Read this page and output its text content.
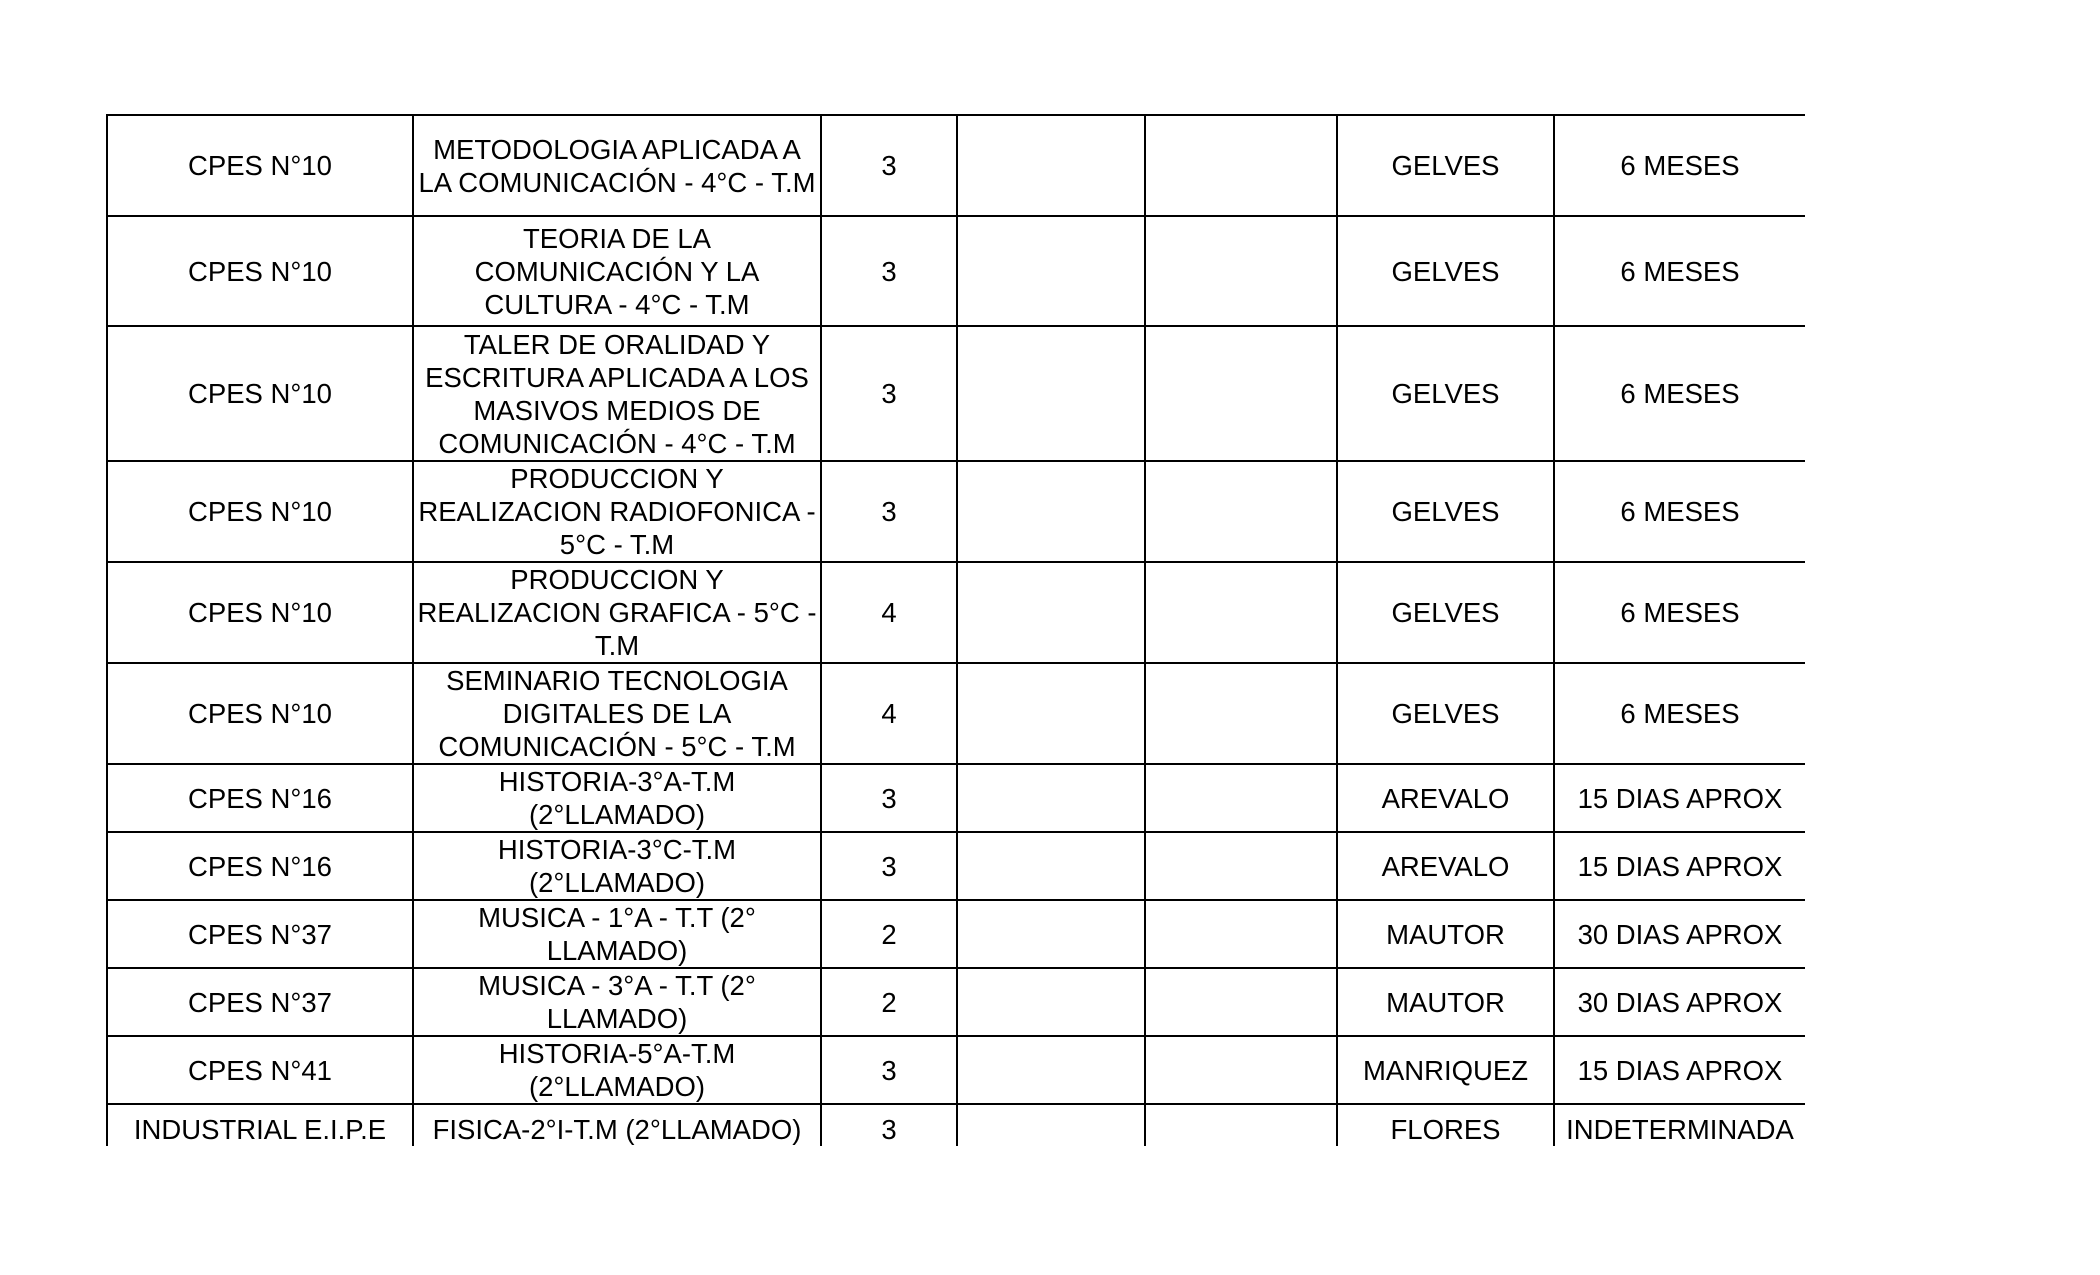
CPES N°10	METODOLOGIA APLICADA A LA COMUNICACIÓN - 4°C - T.M	3			GELVES	6 MESES
CPES N°10	TEORIA DE LA COMUNICACIÓN Y LA CULTURA - 4°C - T.M	3			GELVES	6 MESES
CPES N°10	TALER DE ORALIDAD Y ESCRITURA APLICADA A LOS MASIVOS MEDIOS DE COMUNICACIÓN - 4°C - T.M	3			GELVES	6 MESES
CPES N°10	PRODUCCION Y REALIZACION RADIOFONICA - 5°C - T.M	3			GELVES	6 MESES
CPES N°10	PRODUCCION Y REALIZACION GRAFICA - 5°C - T.M	4			GELVES	6 MESES
CPES N°10	SEMINARIO TECNOLOGIA DIGITALES DE LA COMUNICACIÓN - 5°C - T.M	4			GELVES	6 MESES
CPES N°16	HISTORIA-3°A-T.M (2°LLAMADO)	3			AREVALO	15 DIAS APROX
CPES N°16	HISTORIA-3°C-T.M (2°LLAMADO)	3			AREVALO	15 DIAS APROX
CPES N°37	MUSICA - 1°A - T.T (2° LLAMADO)	2			MAUTOR	30 DIAS APROX
CPES N°37	MUSICA - 3°A - T.T (2° LLAMADO)	2			MAUTOR	30 DIAS APROX
CPES N°41	HISTORIA-5°A-T.M (2°LLAMADO)	3			MANRIQUEZ	15 DIAS APROX
INDUSTRIAL E.I.P.E	FISICA-2°I-T.M (2°LLAMADO)	3			FLORES	INDETERMINADA
